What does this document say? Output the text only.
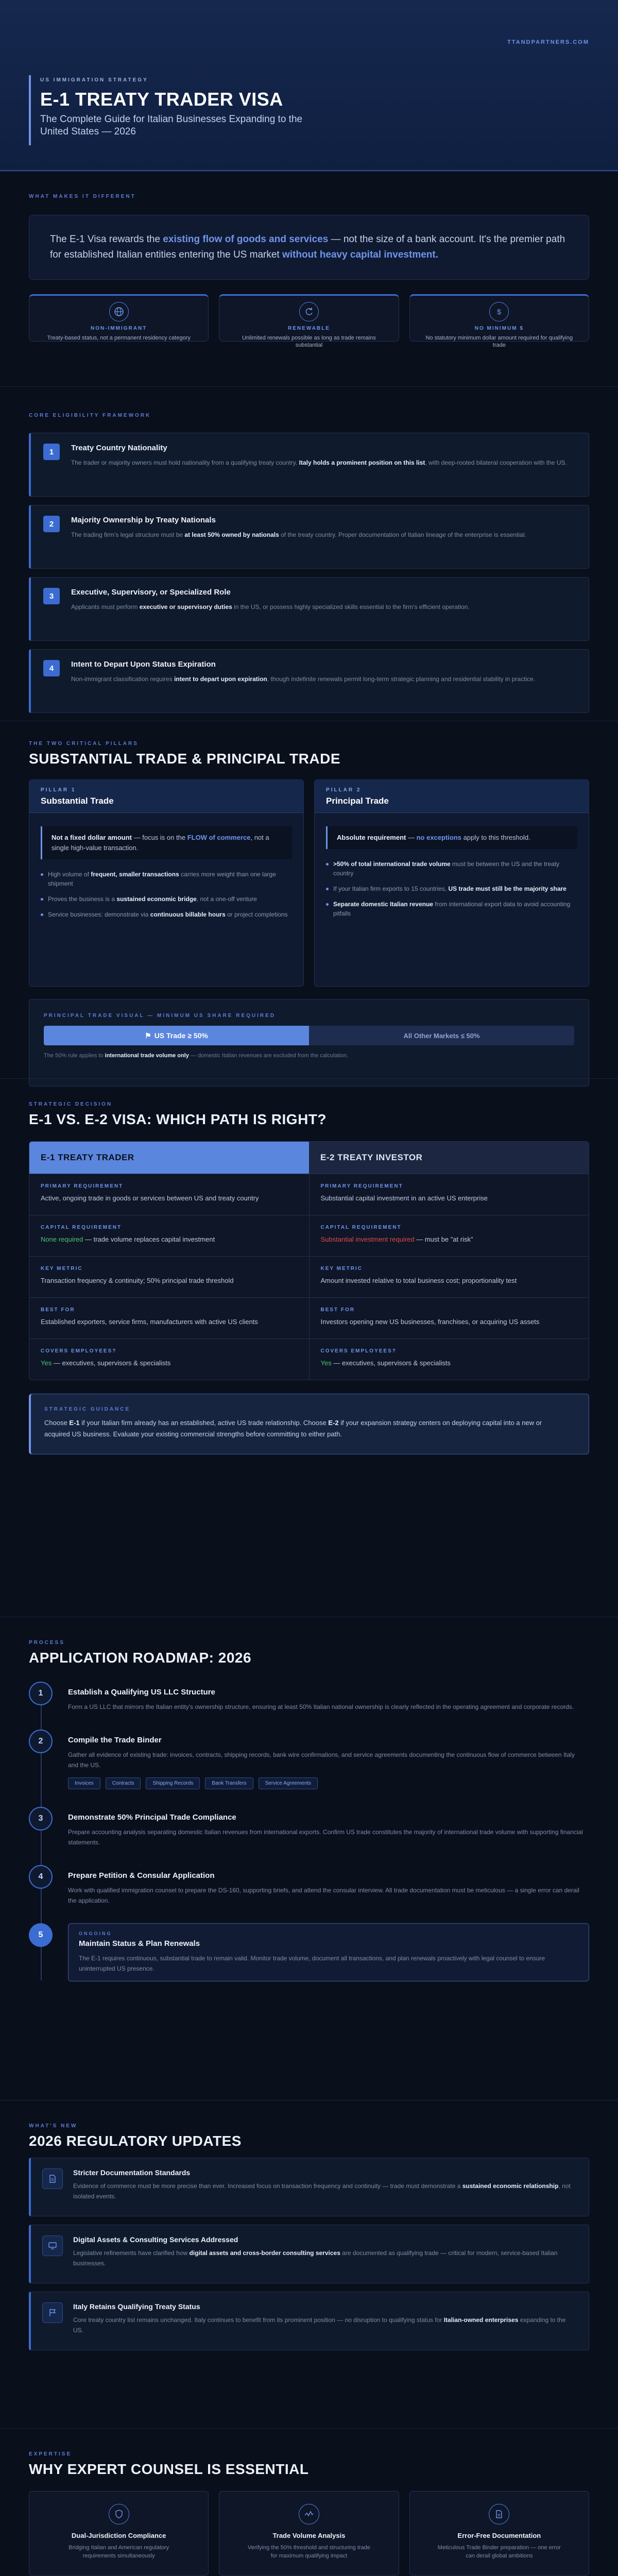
TTANDPARTNERS.COM
US IMMIGRATION STRATEGY
E-1 TREATY TRADER VISA
The Complete Guide for Italian Businesses Expanding to the United States — 2026
WHAT MAKES IT DIFFERENT
The E-1 Visa rewards the existing flow of goods and services — not the size of a bank account. It's the premier path for established Italian entities entering the US market without heavy capital investment.
NON-IMMIGRANT
Treaty-based status, not a permanent residency category
RENEWABLE
Unlimited renewals possible as long as trade remains substantial
$
NO MINIMUM $
No statutory minimum dollar amount required for qualifying trade
CORE ELIGIBILITY FRAMEWORK
1	Treaty Country Nationality

The trader or majority owners must hold nationality from a qualifying treaty country. Italy holds a prominent position on this list, with deep-rooted bilateral cooperation with the US.

2	Majority Ownership by Treaty Nationals

The trading firm's legal structure must be at least 50% owned by nationals of the treaty country. Proper documentation of Italian lineage of the enterprise is essential.

3	Executive, Supervisory, or Specialized Role

Applicants must perform executive or supervisory duties in the US, or possess highly specialized skills essential to the firm's efficient operation.

4	Intent to Depart Upon Status Expiration

Non-immigrant classification requires intent to depart upon expiration, though indefinite renewals permit long-term strategic planning and residential stability in practice.

THE TWO CRITICAL PILLARS
SUBSTANTIAL TRADE & PRINCIPAL TRADE
PILLAR 1
Substantial Trade
Not a fixed dollar amount — focus is on the FLOW of commerce, not a single high-value transaction.
High volume of frequent, smaller transactions carries more weight than one large shipment
Proves the business is a sustained economic bridge, not a one-off venture
Service businesses: demonstrate via continuous billable hours or project completions
PILLAR 2
Principal Trade
Absolute requirement — no exceptions apply to this threshold.
>50% of total international trade volume must be between the US and the treaty country
If your Italian firm exports to 15 countries, US trade must still be the majority share
Separate domestic Italian revenue from international export data to avoid accounting pitfalls
PRINCIPAL TRADE VISUAL — MINIMUM US SHARE REQUIRED
⚑ US Trade ≥ 50%	All Other Markets ≤ 50%
The 50% rule applies to international trade volume only — domestic Italian revenues are excluded from the calculation.
STRATEGIC DECISION
E-1 VS. E-2 VISA: WHICH PATH IS RIGHT?
E-1 TREATY TRADER	E-2 TREATY INVESTOR
PRIMARY REQUIREMENT
Active, ongoing trade in goods or services between US and treaty country
PRIMARY REQUIREMENT
Substantial capital investment in an active US enterprise
CAPITAL REQUIREMENT
None required — trade volume replaces capital investment
CAPITAL REQUIREMENT
Substantial investment required — must be "at risk"
KEY METRIC
Transaction frequency & continuity; 50% principal trade threshold
KEY METRIC
Amount invested relative to total business cost; proportionality test
BEST FOR
Established exporters, service firms, manufacturers with active US clients
BEST FOR
Investors opening new US businesses, franchises, or acquiring US assets
COVERS EMPLOYEES?
Yes — executives, supervisors & specialists
COVERS EMPLOYEES?
Yes — executives, supervisors & specialists
STRATEGIC GUIDANCE

Choose E-1 if your Italian firm already has an established, active US trade relationship. Choose E-2 if your expansion strategy centers on deploying capital into a new or acquired US business. Evaluate your existing commercial strengths before committing to either path.

PROCESS
APPLICATION ROADMAP: 2026
1	Establish a Qualifying US LLC Structure

Form a US LLC that mirrors the Italian entity's ownership structure, ensuring at least 50% Italian national ownership is clearly reflected in the operating agreement and corporate records.

2	Compile the Trade Binder

Gather all evidence of existing trade: invoices, contracts, shipping records, bank wire confirmations, and service agreements documenting the continuous flow of commerce between Italy and the US.

Invoices	Contracts	Shipping Records	Bank Transfers	Service Agreements
3	Demonstrate 50% Principal Trade Compliance

Prepare accounting analysis separating domestic Italian revenues from international exports. Confirm US trade constitutes the majority of international trade volume with supporting financial statements.

4	Prepare Petition & Consular Application

Work with qualified immigration counsel to prepare the DS-160, supporting briefs, and attend the consular interview. All trade documentation must be meticulous — a single error can derail the application.

5	ONGOING
Maintain Status & Plan Renewals

The E-1 requires continuous, substantial trade to remain valid. Monitor trade volume, document all transactions, and plan renewals proactively with legal counsel to ensure uninterrupted US presence.

WHAT'S NEW
2026 REGULATORY UPDATES
Stricter Documentation Standards

Evidence of commerce must be more precise than ever. Increased focus on transaction frequency and continuity — trade must demonstrate a sustained economic relationship, not isolated events.

Digital Assets & Consulting Services Addressed

Legislative refinements have clarified how digital assets and cross-border consulting services are documented as qualifying trade — critical for modern, service-based Italian businesses.

Italy Retains Qualifying Treaty Status

Core treaty country list remains unchanged. Italy continues to benefit from its prominent position — no disruption to qualifying status for Italian-owned enterprises expanding to the US.

EXPERTISE
WHY EXPERT COUNSEL IS ESSENTIAL
Dual-Jurisdiction Compliance

Bridging Italian and American regulatory requirements simultaneously

Trade Volume Analysis

Verifying the 50% threshold and structuring trade for maximum qualifying impact

Error-Free Documentation

Meticulous Trade Binder preparation — one error can derail global ambitions
